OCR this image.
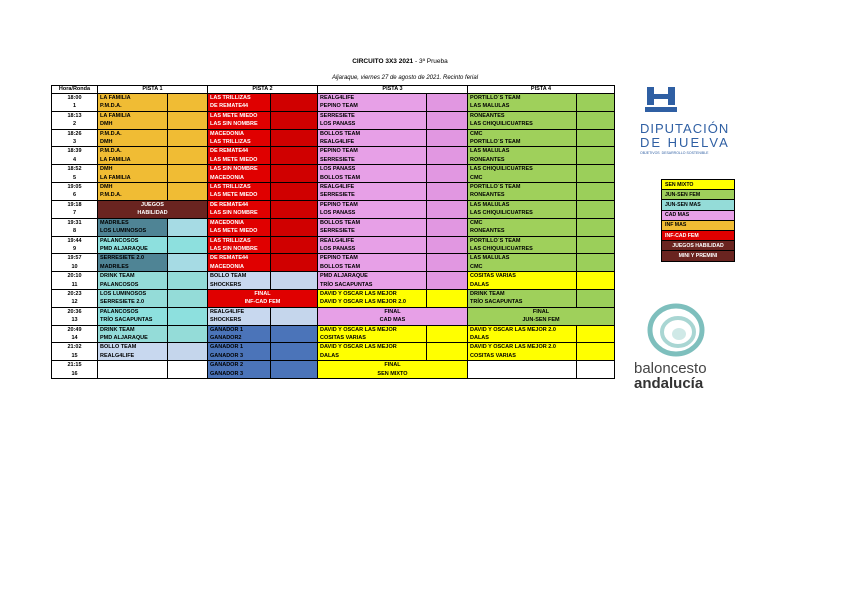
CIRCUITO 3X3 2021 - 3ª Prueba
Aljaraque, viernes 27 de agosto de 2021. Recinto ferial
Hora/Ronda	PISTA 1		PISTA 2		PISTA 3		PISTA 4	
18:00	LA FAMILIA		LAS TRILLIZAS		REALG4LIFE		PORTILLO´S TEAM	
1	P.M.D.A.		DE REMATE44		PEPINO TEAM		LAS MALULAS	
18:13	LA FAMILIA		LAS METE MIEDO		SERRESIETE		RONEANTES	
2	DMH		LAS SIN NOMBRE		LOS PANASS		LAS CHIQUILICUATRES	
18:26	P.M.D.A.		MACEDONIA		BOLLOS TEAM		CMC	
3	DMH		LAS TRILLIZAS		REALG4LIFE		PORTILLO´S TEAM	
18:39	P.M.D.A.		DE REMATE44		PEPINO TEAM		LAS MALULAS	
4	LA FAMILIA		LAS METE MIEDO		SERRESIETE		RONEANTES	
18:52	DMH		LAS SIN NOMBRE		LOS PANASS		LAS CHIQUILICUATRES	
5	LA FAMILIA		MACEDONIA		BOLLOS TEAM		CMC	
19:05	DMH		LAS TRILLIZAS		REALG4LIFE		PORTILLO´S TEAM	
6	P.M.D.A.		LAS METE MIEDO		SERRESIETE		RONEANTES	
19:18	JUEGOS		DE REMATE44		PEPINO TEAM		LAS MALULAS	
7	HABILIDAD		LAS SIN NOMBRE		LOS PANASS		LAS CHIQUILICUATRES	
19:31	MADRILES		MACEDONIA		BOLLOS TEAM		CMC	
8	LOS LUMINOSOS		LAS METE MIEDO		SERRESIETE		RONEANTES	
19:44	PALANCOSOS		LAS TRILLIZAS		REALG4LIFE		PORTILLO´S TEAM	
9	PMD ALJARAQUE		LAS SIN NOMBRE		LOS PANASS		LAS CHIQUILICUATRES	
19:57	SERRESIETE 2.0		DE REMATE44		PEPINO TEAM		LAS MALULAS	
10	MADRILES		MACEDONIA		BOLLOS TEAM		CMC	
20:10	DRINK TEAM		BOLLO TEAM		PMD ALJARAQUE		COSITAS VARIAS	
11	PALANCOSOS		SHOCKERS		TRÍO SACAPUNTAS		DALAS	
20:23	LOS LUMINOSOS		FINAL		DAVID Y OSCAR LAS MEJOR		DRINK TEAM	
12	SERRESIETE 2.0		INF-CAD FEM		DAVID Y OSCAR LAS MEJOR 2.0		TRÍO SACAPUNTAS	
20:36	PALANCOSOS		REALG4LIFE		FINAL		FINAL	
13	TRÍO SACAPUNTAS		SHOCKERS		CAD MAS		JUN-SEN FEM	
20:49	DRINK TEAM		GANADOR 1		DAVID Y OSCAR LAS MEJOR		DAVID Y OSCAR LAS MEJOR 2.0	
14	PMD ALJARAQUE		GANADOR2		COSITAS VARIAS		DALAS	
21:02	BOLLO TEAM		GANADOR 1		DAVID Y OSCAR LAS MEJOR		DAVID Y OSCAR LAS MEJOR 2.0	
15	REALG4LIFE		GANADOR 3		DALAS		COSITAS VARIAS	
21:15			GANADOR 2		FINAL			
16			GANADOR 3		SEN MIXTO			
DIPUTACIÓN
DE HUELVA
OBJETIVOS DESARROLLO SOSTENIBLE
SEN MIXTO
JUN-SEN FEM
JUN-SEN MAS
CAD MAS
INF MAS
INF-CAD FEM
JUEGOS HABILIDAD
MINI Y PREMINI
baloncesto
andalucía
